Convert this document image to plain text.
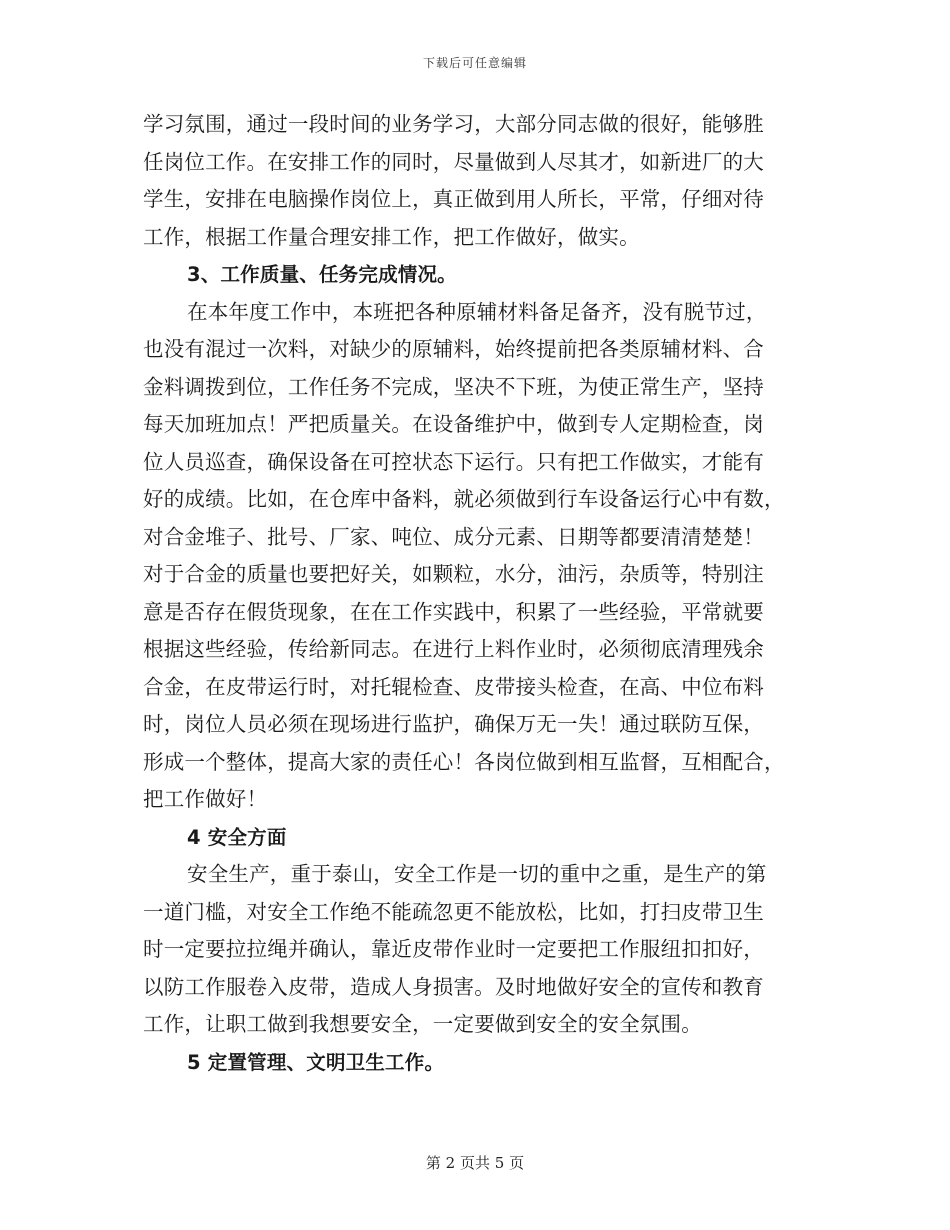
下载后可任意编辑
学习氛围，通过一段时间的业务学习，大部分同志做的很好，能够胜
任岗位工作。在安排工作的同时，尽量做到人尽其才，如新进厂的大
学生，安排在电脑操作岗位上，真正做到用人所长，平常，仔细对待
工作，根据工作量合理安排工作，把工作做好，做实。
3、工作质量、任务完成情况。
在本年度工作中，本班把各种原辅材料备足备齐，没有脱节过，
也没有混过一次料，对缺少的原辅料，始终提前把各类原辅材料、合
金料调拨到位，工作任务不完成，坚决不下班，为使正常生产，坚持
每天加班加点！严把质量关。在设备维护中，做到专人定期检查，岗
位人员巡查，确保设备在可控状态下运行。只有把工作做实，才能有
好的成绩。比如，在仓库中备料，就必须做到行车设备运行心中有数，
对合金堆子、批号、厂家、吨位、成分元素、日期等都要清清楚楚！
对于合金的质量也要把好关，如颗粒，水分，油污，杂质等，特别注
意是否存在假货现象，在在工作实践中，积累了一些经验，平常就要
根据这些经验，传给新同志。在进行上料作业时，必须彻底清理残余
合金，在皮带运行时，对托辊检查、皮带接头检查，在高、中位布料
时，岗位人员必须在现场进行监护，确保万无一失！通过联防互保，
形成一个整体，提高大家的责任心！各岗位做到相互监督，互相配合，
把工作做好！
4 安全方面
安全生产，重于泰山，安全工作是一切的重中之重，是生产的第
一道门槛，对安全工作绝不能疏忽更不能放松，比如，打扫皮带卫生
时一定要拉拉绳并确认，靠近皮带作业时一定要把工作服纽扣扣好，
以防工作服卷入皮带，造成人身损害。及时地做好安全的宣传和教育
工作，让职工做到我想要安全，一定要做到安全的安全氛围。
5 定置管理、文明卫生工作。
第 2 页共 5 页
